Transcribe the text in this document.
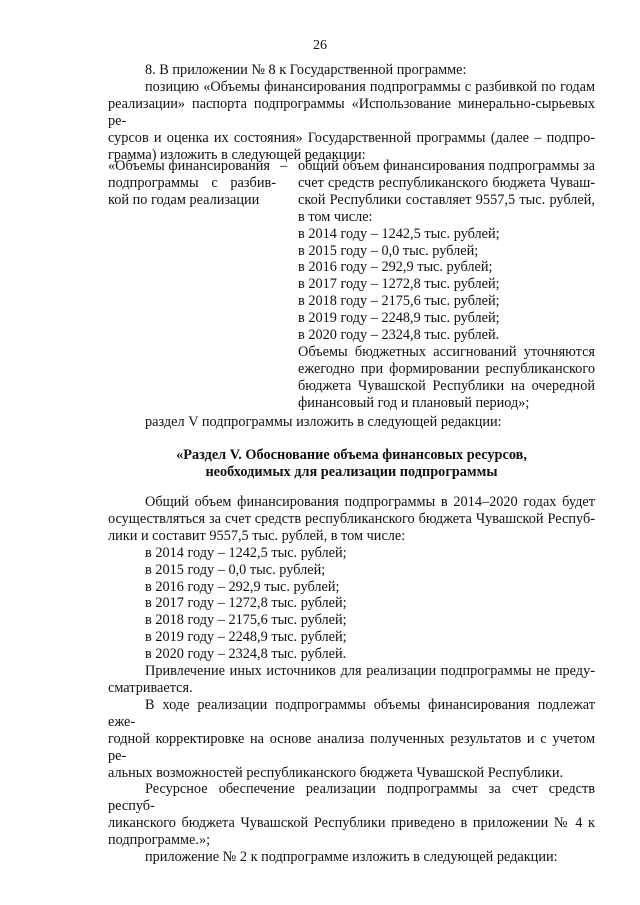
26
8. В приложении № 8 к Государственной программе:
позицию «Объемы финансирования подпрограммы с разбивкой по годам
реализации» паспорта подпрограммы «Использование минерально-сырьевых ре-
сурсов и оценка их состояния» Государственной программы (далее – подпро-
грамма) изложить в следующей редакции:
«Объемы финансирования
подпрограммы с разбив-
кой по годам реализации
– общий объем финансирования подпрограммы за
счет средств республиканского бюджета Чуваш-
ской Республики составляет 9557,5 тыс. рублей,
в том числе:
в 2014 году – 1242,5 тыс. рублей;
в 2015 году – 0,0 тыс. рублей;
в 2016 году – 292,9 тыс. рублей;
в 2017 году – 1272,8 тыс. рублей;
в 2018 году – 2175,6 тыс. рублей;
в 2019 году – 2248,9 тыс. рублей;
в 2020 году – 2324,8 тыс. рублей.
Объемы бюджетных ассигнований уточняются
ежегодно при формировании республиканского
бюджета Чувашской Республики на очередной
финансовый год и плановый период»;
раздел V подпрограммы изложить в следующей редакции:
«Раздел V. Обоснование объема финансовых ресурсов,
необходимых для реализации подпрограммы
Общий объем финансирования подпрограммы в 2014–2020 годах будет
осуществляться за счет средств республиканского бюджета Чувашской Респуб-
лики и составит 9557,5 тыс. рублей, в том числе:
в 2014 году – 1242,5 тыс. рублей;
в 2015 году – 0,0 тыс. рублей;
в 2016 году – 292,9 тыс. рублей;
в 2017 году – 1272,8 тыс. рублей;
в 2018 году – 2175,6 тыс. рублей;
в 2019 году – 2248,9 тыс. рублей;
в 2020 году – 2324,8 тыс. рублей.
Привлечение иных источников для реализации подпрограммы не преду-
сматривается.
В ходе реализации подпрограммы объемы финансирования подлежат еже-
годной корректировке на основе анализа полученных результатов и с учетом ре-
альных возможностей республиканского бюджета Чувашской Республики.
Ресурсное обеспечение реализации подпрограммы за счет средств респуб-
ликанского бюджета Чувашской Республики приведено в приложении № 4 к
подпрограмме.»;
приложение № 2 к подпрограмме изложить в следующей редакции:
